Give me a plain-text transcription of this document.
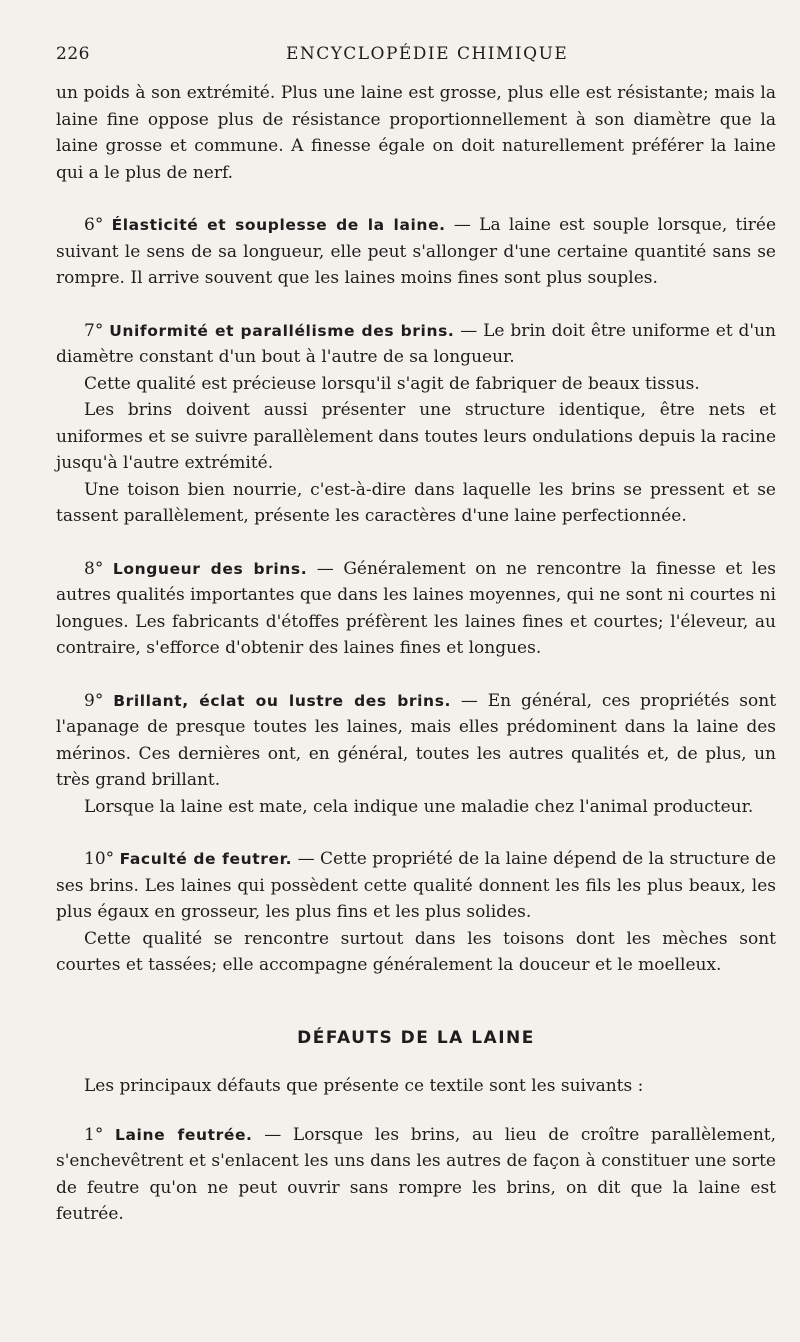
226	ENCYCLOPÉDIE CHIMIQUE

un poids à son extrémité. Plus une laine est grosse, plus elle est résistante; mais la laine fine oppose plus de résistance proportionnellement à son diamètre que la laine grosse et commune. A finesse égale on doit naturellement préférer la laine qui a le plus de nerf.

6° Élasticité et souplesse de la laine. — La laine est souple lorsque, tirée suivant le sens de sa longueur, elle peut s'allonger d'une certaine quantité sans se rompre. Il arrive souvent que les laines moins fines sont plus souples.

7° Uniformité et parallélisme des brins. — Le brin doit être uniforme et d'un diamètre constant d'un bout à l'autre de sa longueur.

Cette qualité est précieuse lorsqu'il s'agit de fabriquer de beaux tissus.

Les brins doivent aussi présenter une structure identique, être nets et uniformes et se suivre parallèlement dans toutes leurs ondulations depuis la racine jusqu'à l'autre extrémité.

Une toison bien nourrie, c'est-à-dire dans laquelle les brins se pressent et se tassent parallèlement, présente les caractères d'une laine perfectionnée.

8° Longueur des brins. — Généralement on ne rencontre la finesse et les autres qualités importantes que dans les laines moyennes, qui ne sont ni courtes ni longues. Les fabricants d'étoffes préfèrent les laines fines et courtes; l'éleveur, au contraire, s'efforce d'obtenir des laines fines et longues.

9° Brillant, éclat ou lustre des brins. — En général, ces propriétés sont l'apanage de presque toutes les laines, mais elles prédominent dans la laine des mérinos. Ces dernières ont, en général, toutes les autres qualités et, de plus, un très grand brillant.

Lorsque la laine est mate, cela indique une maladie chez l'animal producteur.

10° Faculté de feutrer. — Cette propriété de la laine dépend de la structure de ses brins. Les laines qui possèdent cette qualité donnent les fils les plus beaux, les plus égaux en grosseur, les plus fins et les plus solides.

Cette qualité se rencontre surtout dans les toisons dont les mèches sont courtes et tassées; elle accompagne généralement la douceur et le moelleux.

DÉFAUTS DE LA LAINE

Les principaux défauts que présente ce textile sont les suivants :

1° Laine feutrée. — Lorsque les brins, au lieu de croître parallèlement, s'enchevêtrent et s'enlacent les uns dans les autres de façon à constituer une sorte de feutre qu'on ne peut ouvrir sans rompre les brins, on dit que la laine est feutrée.
